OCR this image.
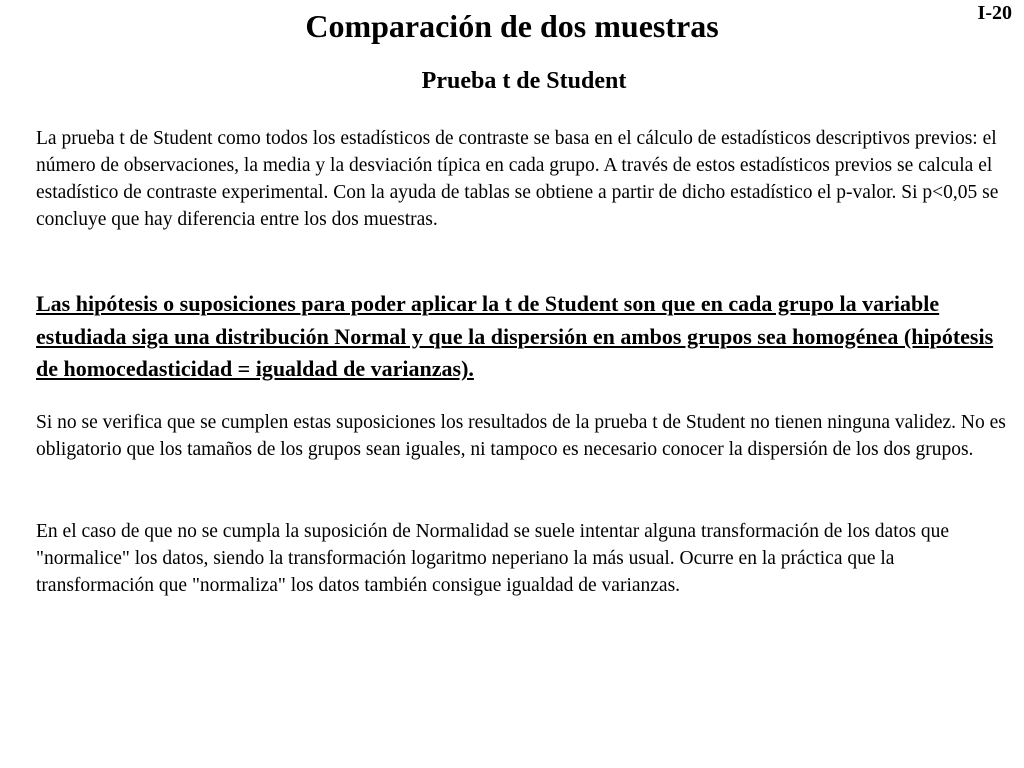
I-20
Comparación de dos muestras
Prueba t de Student

La prueba t de Student como todos los estadísticos de contraste se basa en el cálculo de estadísticos descriptivos previos: el número de observaciones, la media y la desviación típica en cada grupo. A través de estos estadísticos previos se calcula el estadístico de contraste experimental. Con la ayuda de tablas se obtiene a partir de dicho estadístico el p-valor. Si p<0,05 se concluye que hay diferencia entre los dos muestras.

Las hipótesis o suposiciones para poder aplicar la t de Student son que en cada grupo la variable estudiada siga una distribución Normal y que la dispersión en ambos grupos sea homogénea (hipótesis de homocedasticidad = igualdad de varianzas).

Si no se verifica que se cumplen estas suposiciones los resultados de la prueba t de Student no tienen ninguna validez. No es obligatorio que los tamaños de los grupos sean iguales, ni tampoco es necesario conocer la dispersión de los dos grupos.

En el caso de que no se cumpla la suposición de Normalidad se suele intentar alguna transformación de los datos que "normalice" los datos, siendo la transformación logaritmo neperiano la más usual. Ocurre en la práctica que la transformación que "normaliza" los datos también consigue igualdad de varianzas.
